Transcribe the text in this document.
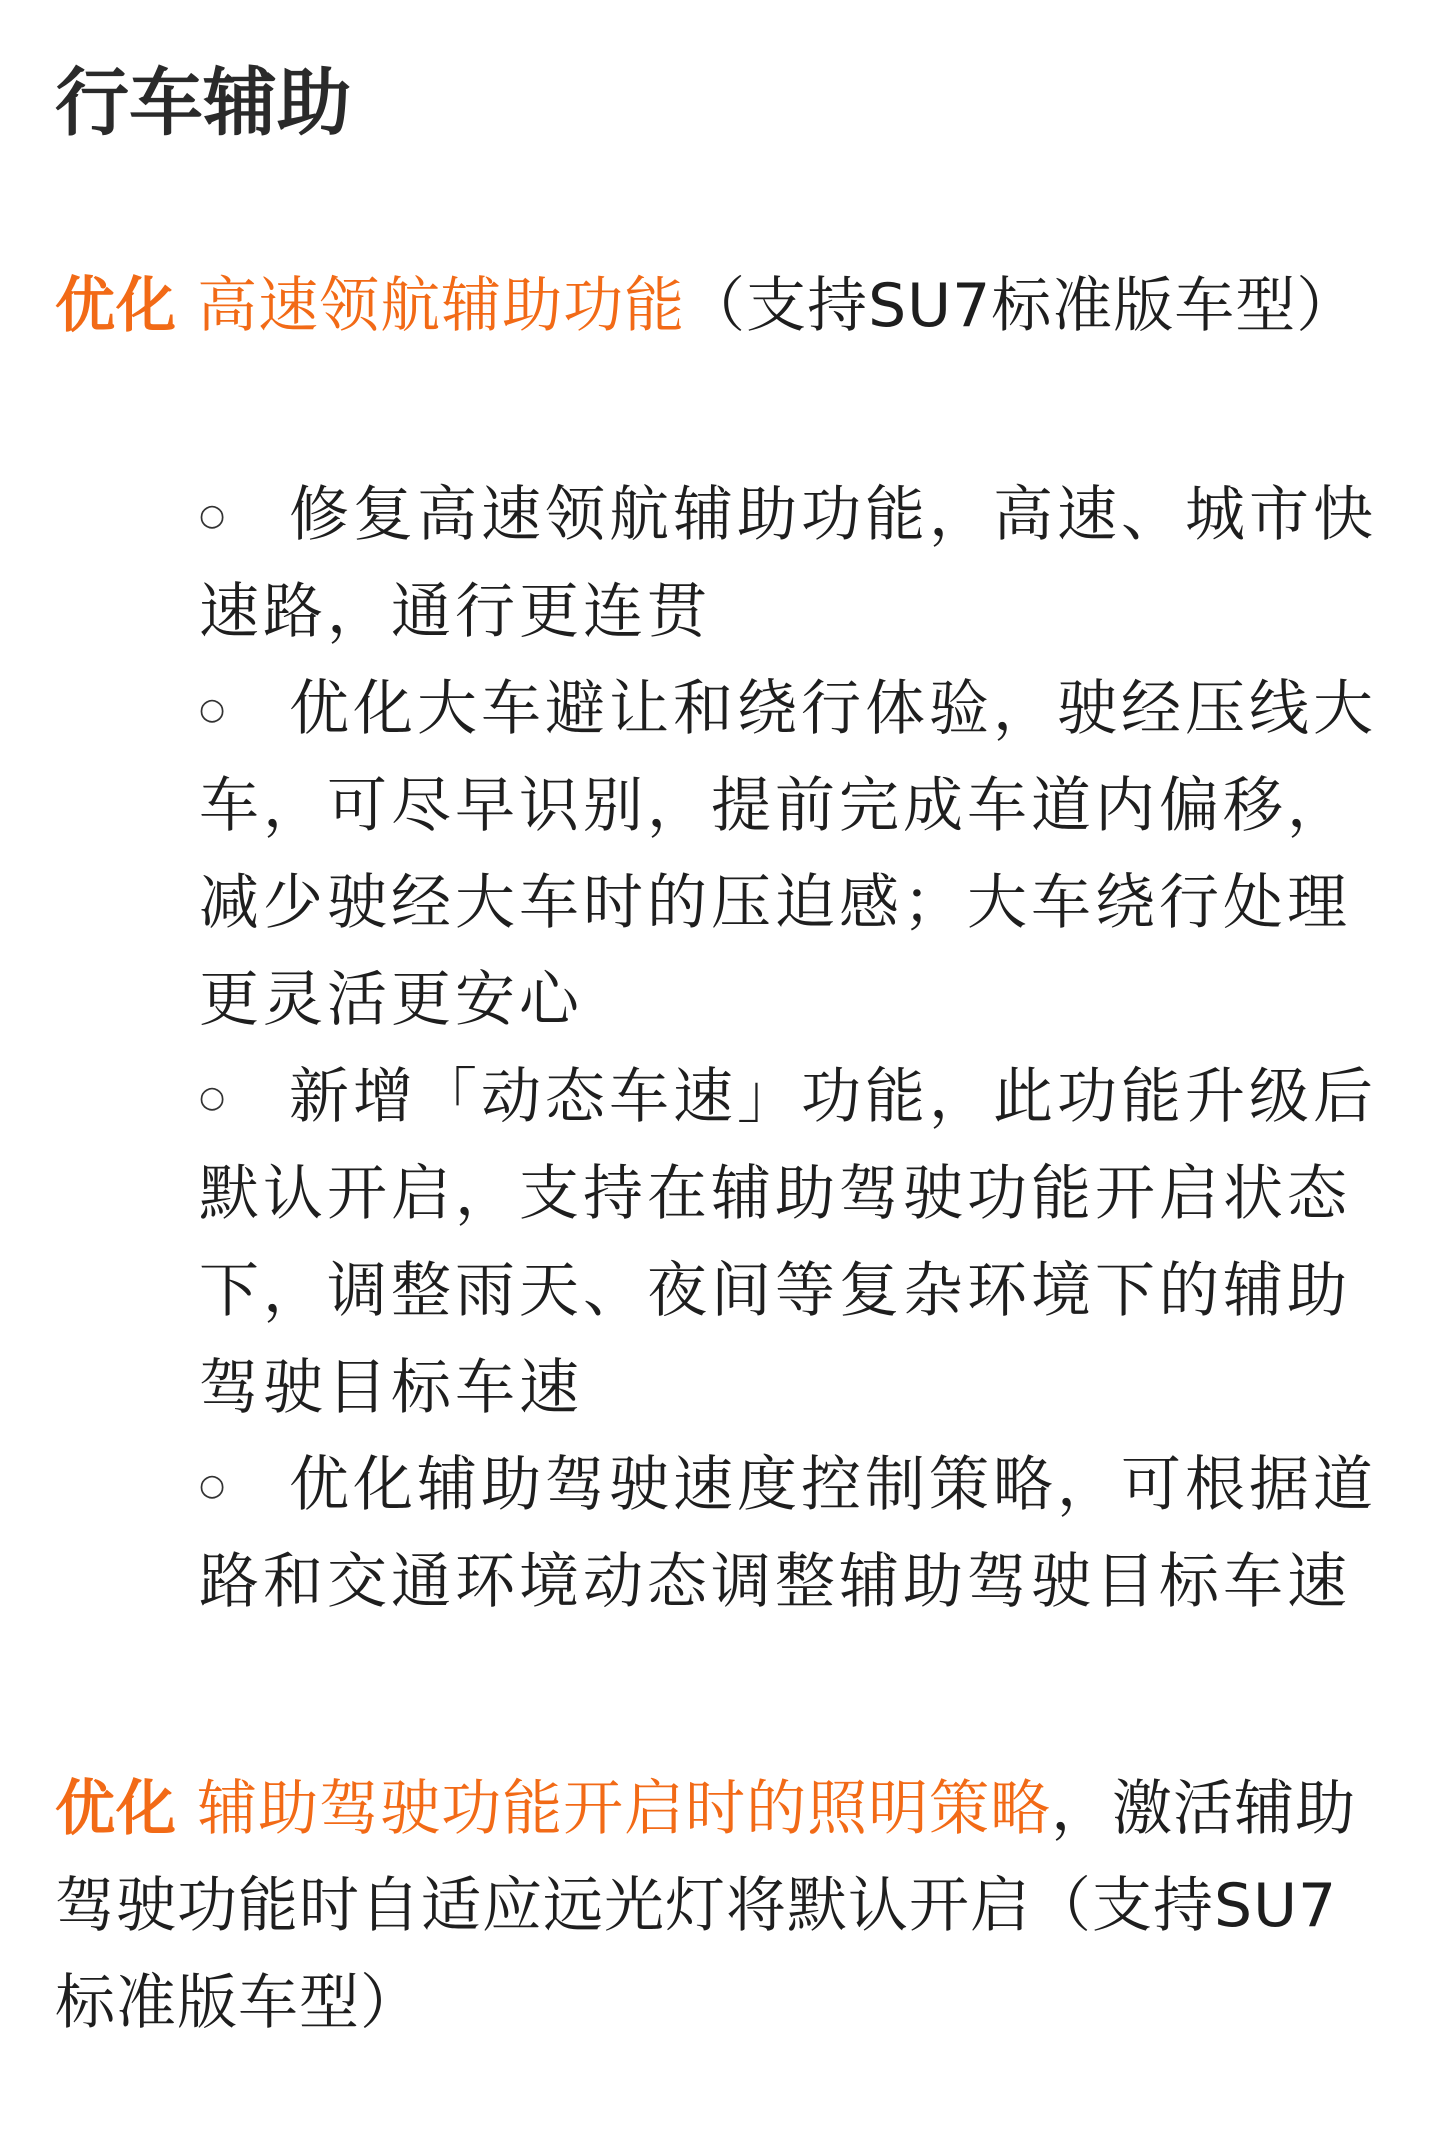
行车辅助

优化 高速领航辅助功能（支持SU7标准版车型）

○ 修复高速领航辅助功能，高速、城市快速路，通行更连贯
○ 优化大车避让和绕行体验，驶经压线大车，可尽早识别，提前完成车道内偏移，减少驶经大车时的压迫感；大车绕行处理更灵活更安心
○ 新增「动态车速」功能，此功能升级后默认开启，支持在辅助驾驶功能开启状态下，调整雨天、夜间等复杂环境下的辅助驾驶目标车速
○ 优化辅助驾驶速度控制策略，可根据道路和交通环境动态调整辅助驾驶目标车速

优化 辅助驾驶功能开启时的照明策略，激活辅助驾驶功能时自适应远光灯将默认开启（支持SU7标准版车型）
